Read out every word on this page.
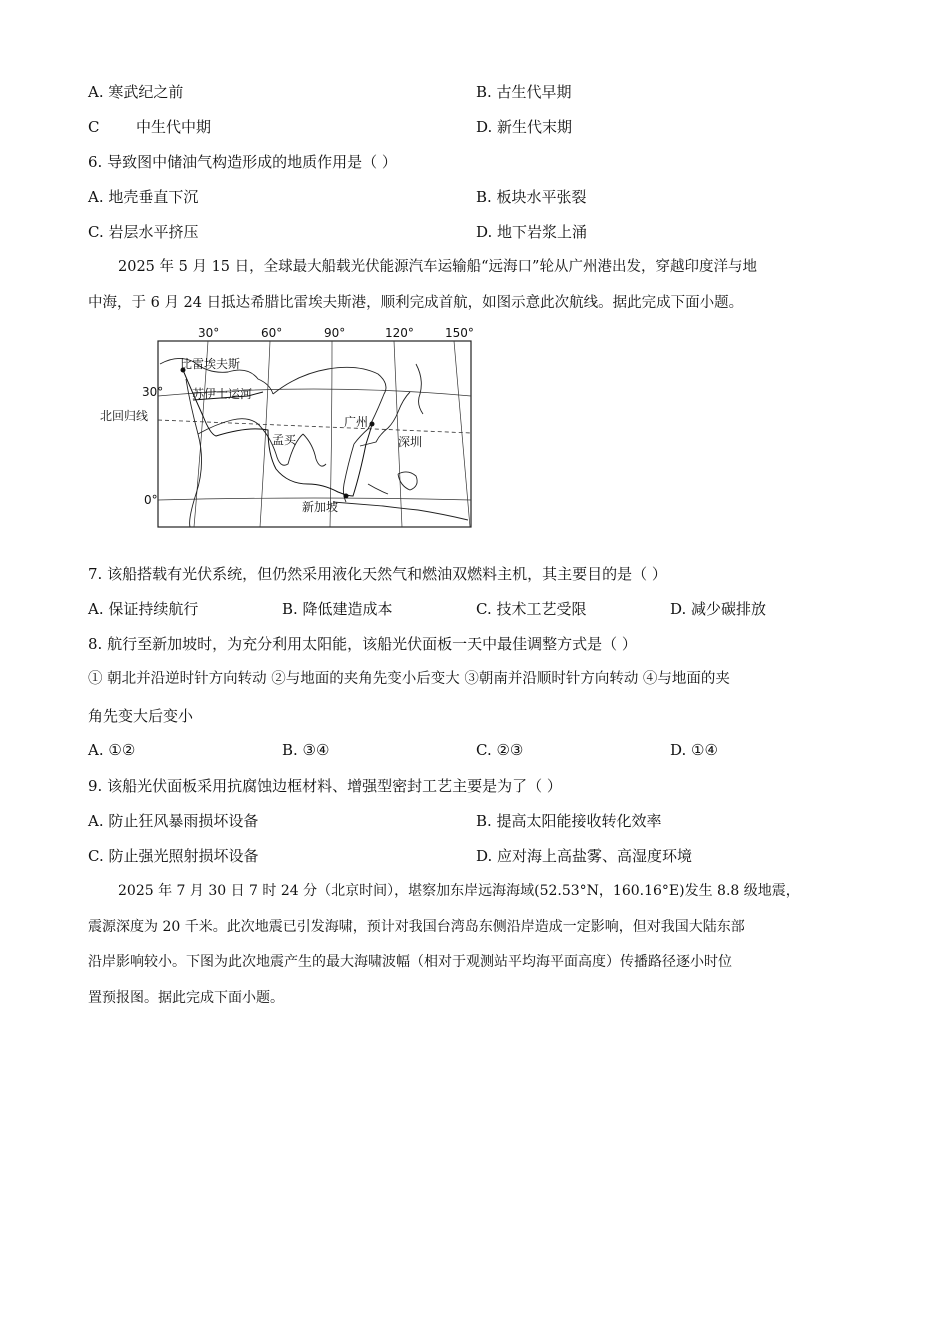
A. 寒武纪之前	B. 古生代早期
C 中生代中期	D. 新生代末期
6. 导致图中储油气构造形成的地质作用是（ ）
A. 地壳垂直下沉	B. 板块水平张裂
C. 岩层水平挤压	D. 地下岩浆上涌

2025 年 5 月 15 日，全球最大船载光伏能源汽车运输船“远海口”轮从广州港出发，穿越印度洋与地

中海，于 6 月 24 日抵达希腊比雷埃夫斯港，顺利完成首航，如图示意此次航线。据此完成下面小题。
30°	60°	90°	120°	150°
比雷埃夫斯
苏伊士运河
30°
北回归线
孟买
广州
深圳
0°	新加坡
7. 该船搭载有光伏系统，但仍然采用液化天然气和燃油双燃料主机，其主要目的是（ ）
A. 保证持续航行	B. 降低建造成本	C. 技术工艺受限	D. 减少碳排放
8. 航行至新加坡时，为充分利用太阳能，该船光伏面板一天中最佳调整方式是（ ）
① 朝北并沿逆时针方向转动 ②与地面的夹角先变小后变大 ③朝南并沿顺时针方向转动 ④与地面的夹
角先变大后变小
A. ①②	B. ③④	C. ②③	D. ①④
9. 该船光伏面板采用抗腐蚀边框材料、增强型密封工艺主要是为了（ ）
A. 防止狂风暴雨损坏设备	B. 提高太阳能接收转化效率
C. 防止强光照射损坏设备	D. 应对海上高盐雾、高湿度环境

2025 年 7 月 30 日 7 时 24 分（北京时间），堪察加东岸远海海域(52.53°N，160.16°E)发生 8.8 级地震，

震源深度为 20 千米。此次地震已引发海啸，预计对我国台湾岛东侧沿岸造成一定影响，但对我国大陆东部
沿岸影响较小。下图为此次地震产生的最大海啸波幅（相对于观测站平均海平面高度）传播路径逐小时位
置预报图。据此完成下面小题。
